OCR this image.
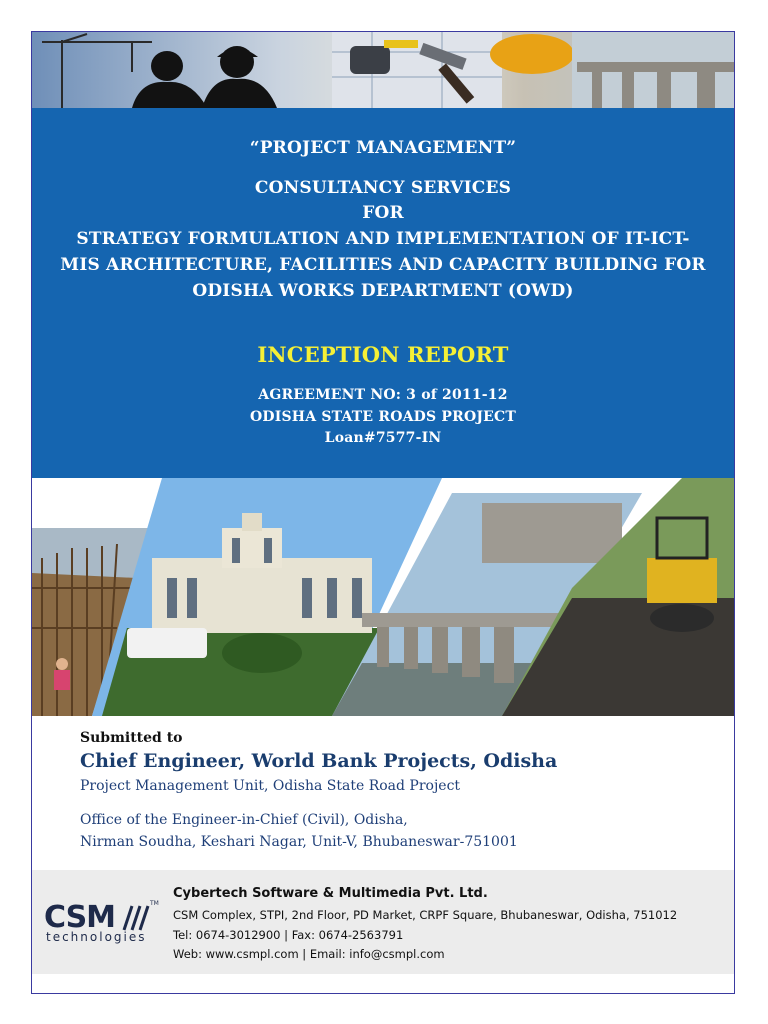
“PROJECT MANAGEMENT”
CONSULTANCY SERVICES
FOR
STRATEGY FORMULATION AND IMPLEMENTATION OF IT-ICT-
MIS ARCHITECTURE, FACILITIES AND CAPACITY BUILDING FOR
ODISHA WORKS DEPARTMENT (OWD)
INCEPTION REPORT
AGREEMENT NO: 3 of 2011-12
ODISHA STATE ROADS PROJECT
Loan#7577-IN
Submitted to
Chief Engineer, World Bank Projects, Odisha
Project Management Unit, Odisha State Road Project
Office of the Engineer-in-Chief (Civil), Odisha,
Nirman Soudha, Keshari Nagar, Unit-V, Bhubaneswar-751001
CSM	TM
technologies
Cybertech Software & Multimedia Pvt. Ltd.
CSM Complex, STPI, 2nd Floor, PD Market, CRPF Square, Bhubaneswar, Odisha, 751012
Tel: 0674-3012900 | Fax: 0674-2563791
Web: www.csmpl.com | Email: info@csmpl.com
